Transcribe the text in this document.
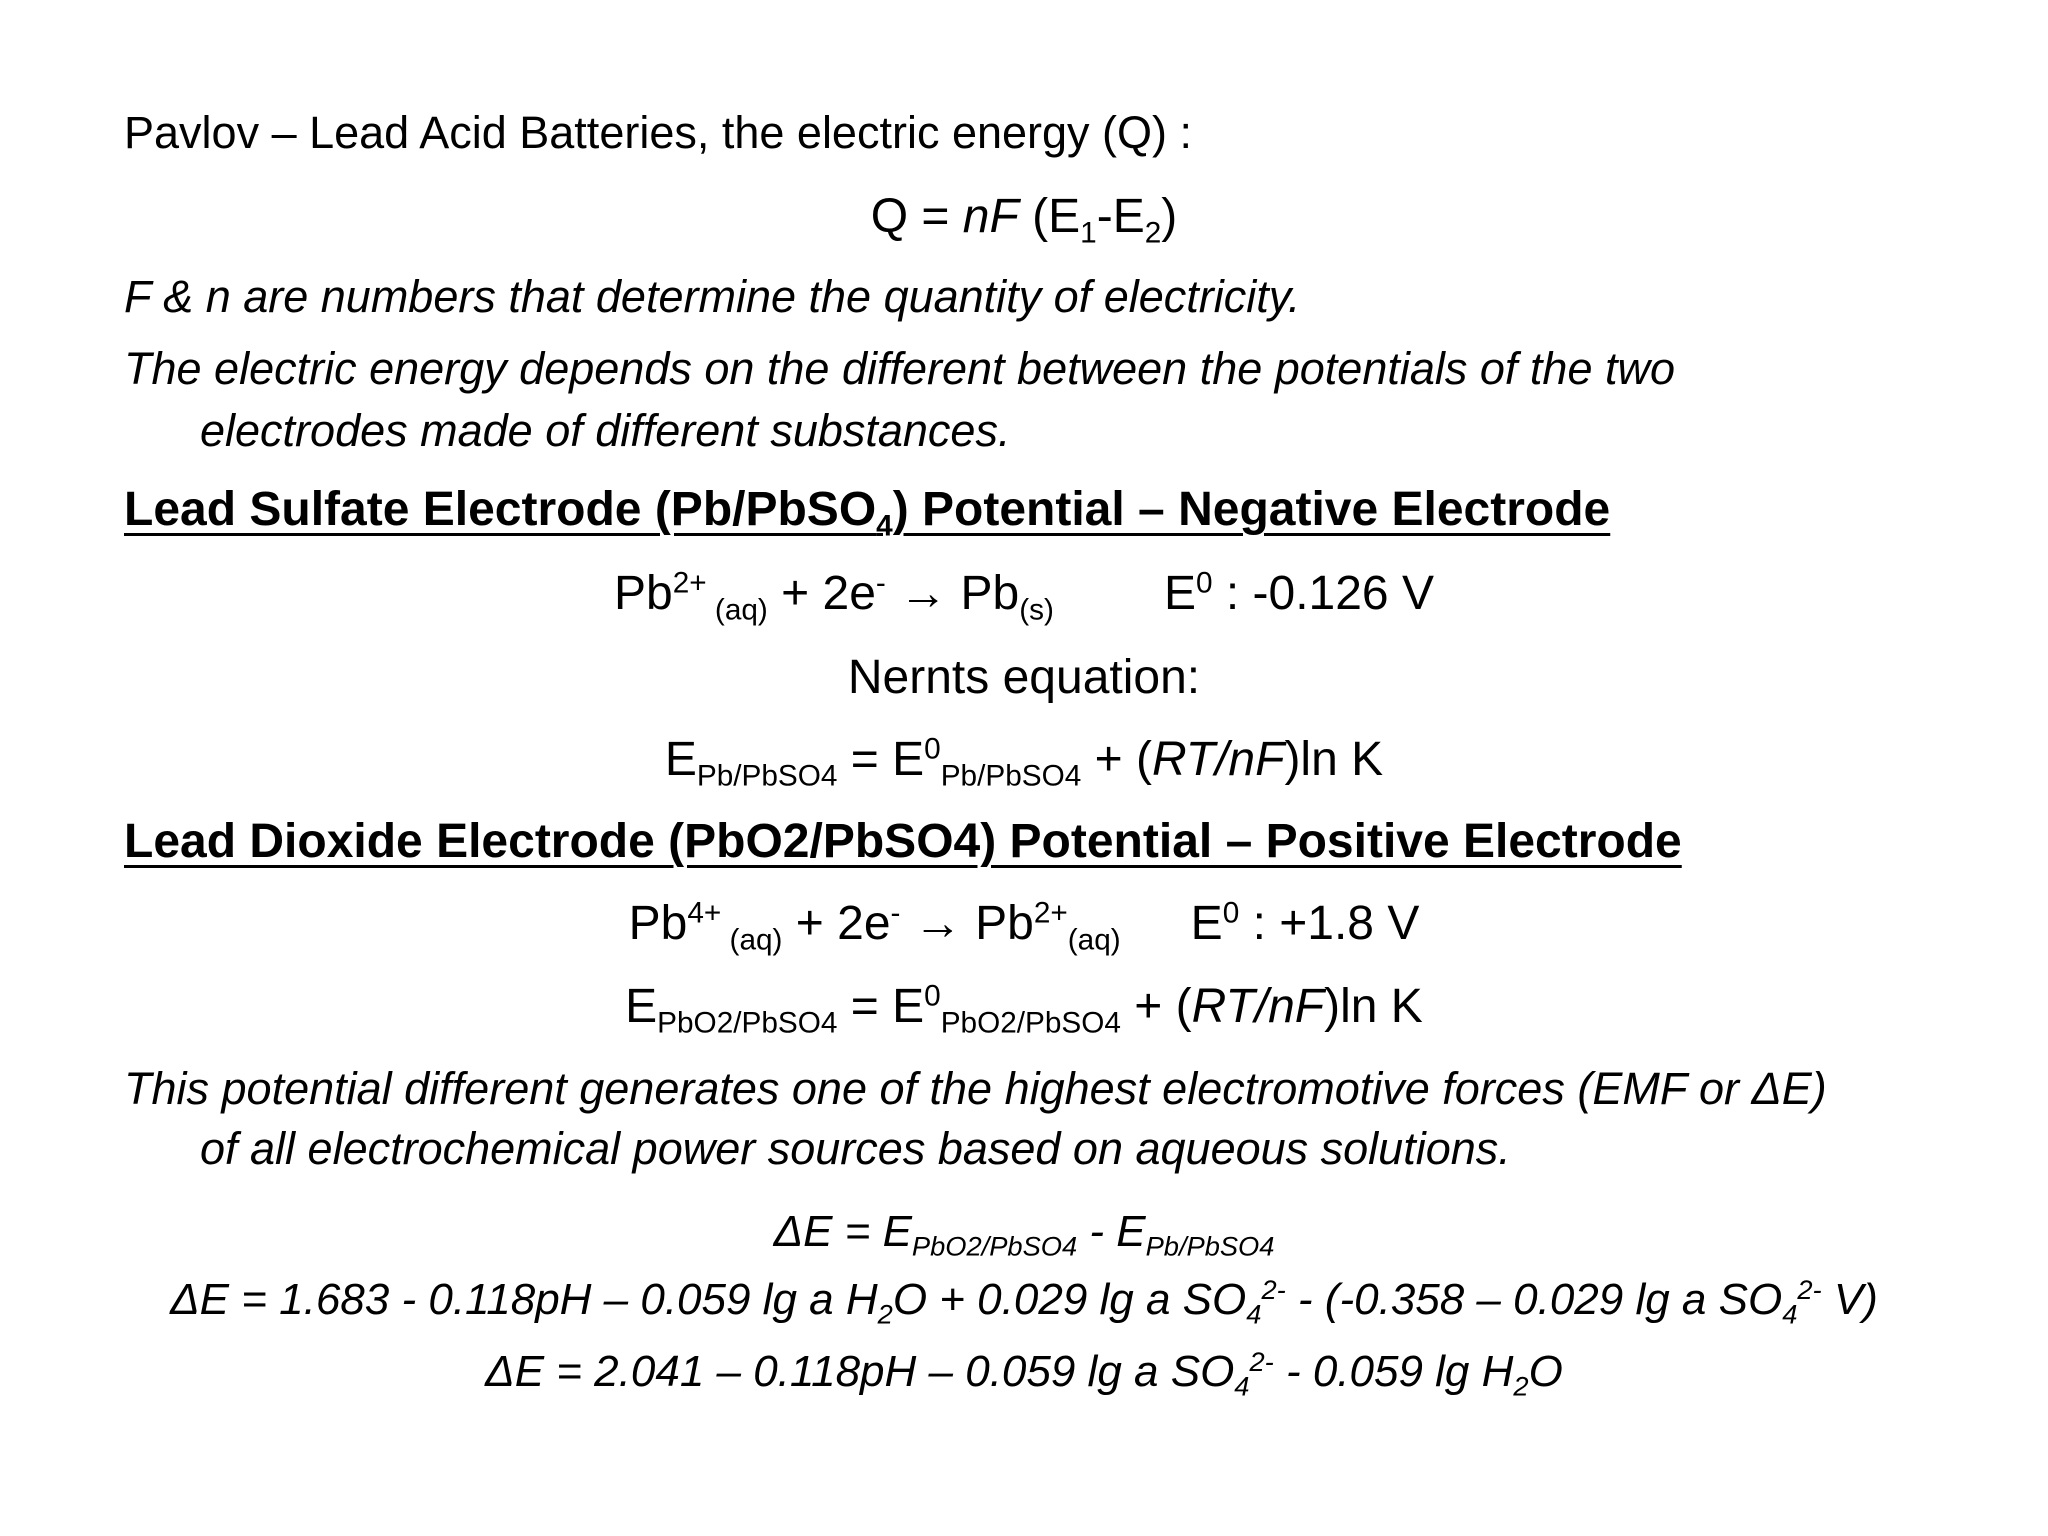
Pavlov – Lead Acid Batteries, the electric energy (Q) :
Q = nF $(E_1-E_2)$
F & n are numbers that determine the quantity of electricity.
The electric energy depends on the different between the potentials of the two
electrodes made of different substances.
Lead Sulfate Electrode (Pb/PbSO$_4$) Potential – Negative Electrode
$Pb^{2+}$ $_{(aq)} + 2e^- \to Pb_{(s)}$ $E^0$ : -0.126 V
Nernts equation:
$E_{Pb/PbSO4} = E^0_{Pb/PbSO4} + (RT/nF)\ln$ K
Lead Dioxide Electrode (PbO2/PbSO4) Potential – Positive Electrode
$Pb^{4+}$ $_{(aq)} + 2e^- \to Pb^{2+}_{(aq)}$ $E^0$ : +1.8 V
$E_{PbO2/PbSO4} = E^0_{PbO2/PbSO4} + (RT/nF)\ln$ K
This potential different generates one of the highest electromotive forces (EMF or ΔE)
of all electrochemical power sources based on aqueous solutions.
$\Delta E = E_{PbO2/PbSO4} - E_{Pb/PbSO4}$
ΔE = 1.683 - 0.118pH – 0.059 lg a $H_2O + 0.029$ lg a $SO_4^{2-} - (-0.358 - 0.029$ lg a $SO_4^{2-}$ V)
ΔE = 2.041 – 0.118pH – 0.059 lg a $SO_4^{2-} - 0.059$ $\lg H_2O$
